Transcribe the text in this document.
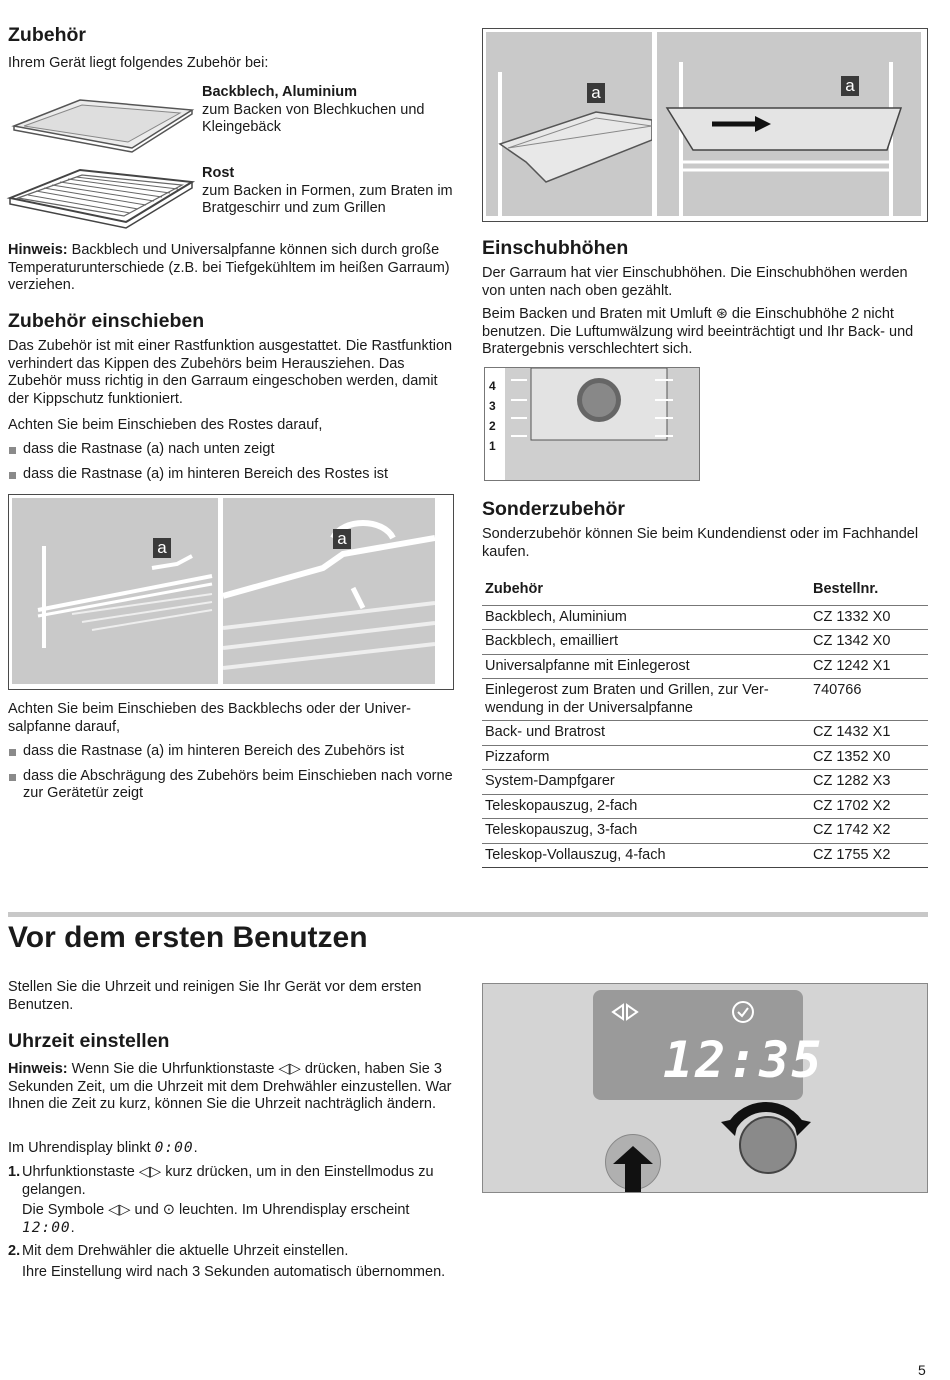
Zubehör

Ihrem Gerät liegt folgendes Zubehör bei:

Backblech, Aluminium
zum Backen von Blechkuchen und Kleingebäck
Rost
zum Backen in Formen, zum Braten im Bratgeschirr und zum Grillen

Hinweis: Backblech und Universalpfanne können sich durch große Temperaturunterschiede (z.B. bei Tiefgekühltem im heißen Garraum) verziehen.

Zubehör einschieben

Das Zubehör ist mit einer Rastfunktion ausgestattet. Die Rastfunktion verhindert das Kippen des Zubehörs beim Herausziehen. Das Zubehör muss richtig in den Garraum eingeschoben werden, damit der Kippschutz funktioniert.

Achten Sie beim Einschieben des Rostes darauf,

dass die Rastnase (a) nach unten zeigt
dass die Rastnase (a) im hinteren Bereich des Rostes ist
a	a

Achten Sie beim Einschieben des Backblechs oder der Universalpfanne darauf,

dass die Rastnase (a) im hinteren Bereich des Zubehörs ist
dass die Abschrägung des Zubehörs beim Einschieben nach vorne zur Gerätetür zeigt
a	a
Einschubhöhen

Der Garraum hat vier Einschubhöhen. Die Einschubhöhen werden von unten nach oben gezählt.

Beim Backen und Braten mit Umluft ⊛ die Einschubhöhe 2 nicht benutzen. Die Luftumwälzung wird beeinträchtigt und Ihr Back- und Bratergebnis verschlechtert sich.

4
3
2
1
Sonderzubehör

Sonderzubehör können Sie beim Kundendienst oder im Fachhandel kaufen.

Zubehör	Bestellnr.
Backblech, Aluminium	CZ 1332 X0
Backblech, emailliert	CZ 1342 X0
Universalpfanne mit Einlegerost	CZ 1242 X1
Einlegerost zum Braten und Grillen, zur Verwendung in der Universalpfanne	740766
Back- und Bratrost	CZ 1432 X1
Pizzaform	CZ 1352 X0
System-Dampfgarer	CZ 1282 X3
Teleskopauszug, 2-fach	CZ 1702 X2
Teleskopauszug, 3-fach	CZ 1742 X2
Teleskop-Vollauszug, 4-fach	CZ 1755 X2
Vor dem ersten Benutzen

Stellen Sie die Uhrzeit und reinigen Sie Ihr Gerät vor dem ersten Benutzen.

Uhrzeit einstellen

Hinweis: Wenn Sie die Uhrfunktionstaste ◁▷ drücken, haben Sie 3 Sekunden Zeit, um die Uhrzeit mit dem Drehwähler einzustellen. War Ihnen die Zeit zu kurz, können Sie die Uhrzeit nachträglich ändern.

Im Uhrendisplay blinkt 0:00.

1. Uhrfunktionstaste ◁▷ kurz drücken, um in den Einstellmodus zu gelangen.
Die Symbole ◁▷ und ⊙ leuchten. Im Uhrendisplay erscheint 12:00.
2. Mit dem Drehwähler die aktuelle Uhrzeit einstellen.
Ihre Einstellung wird nach 3 Sekunden automatisch übernommen.
12:35
5
